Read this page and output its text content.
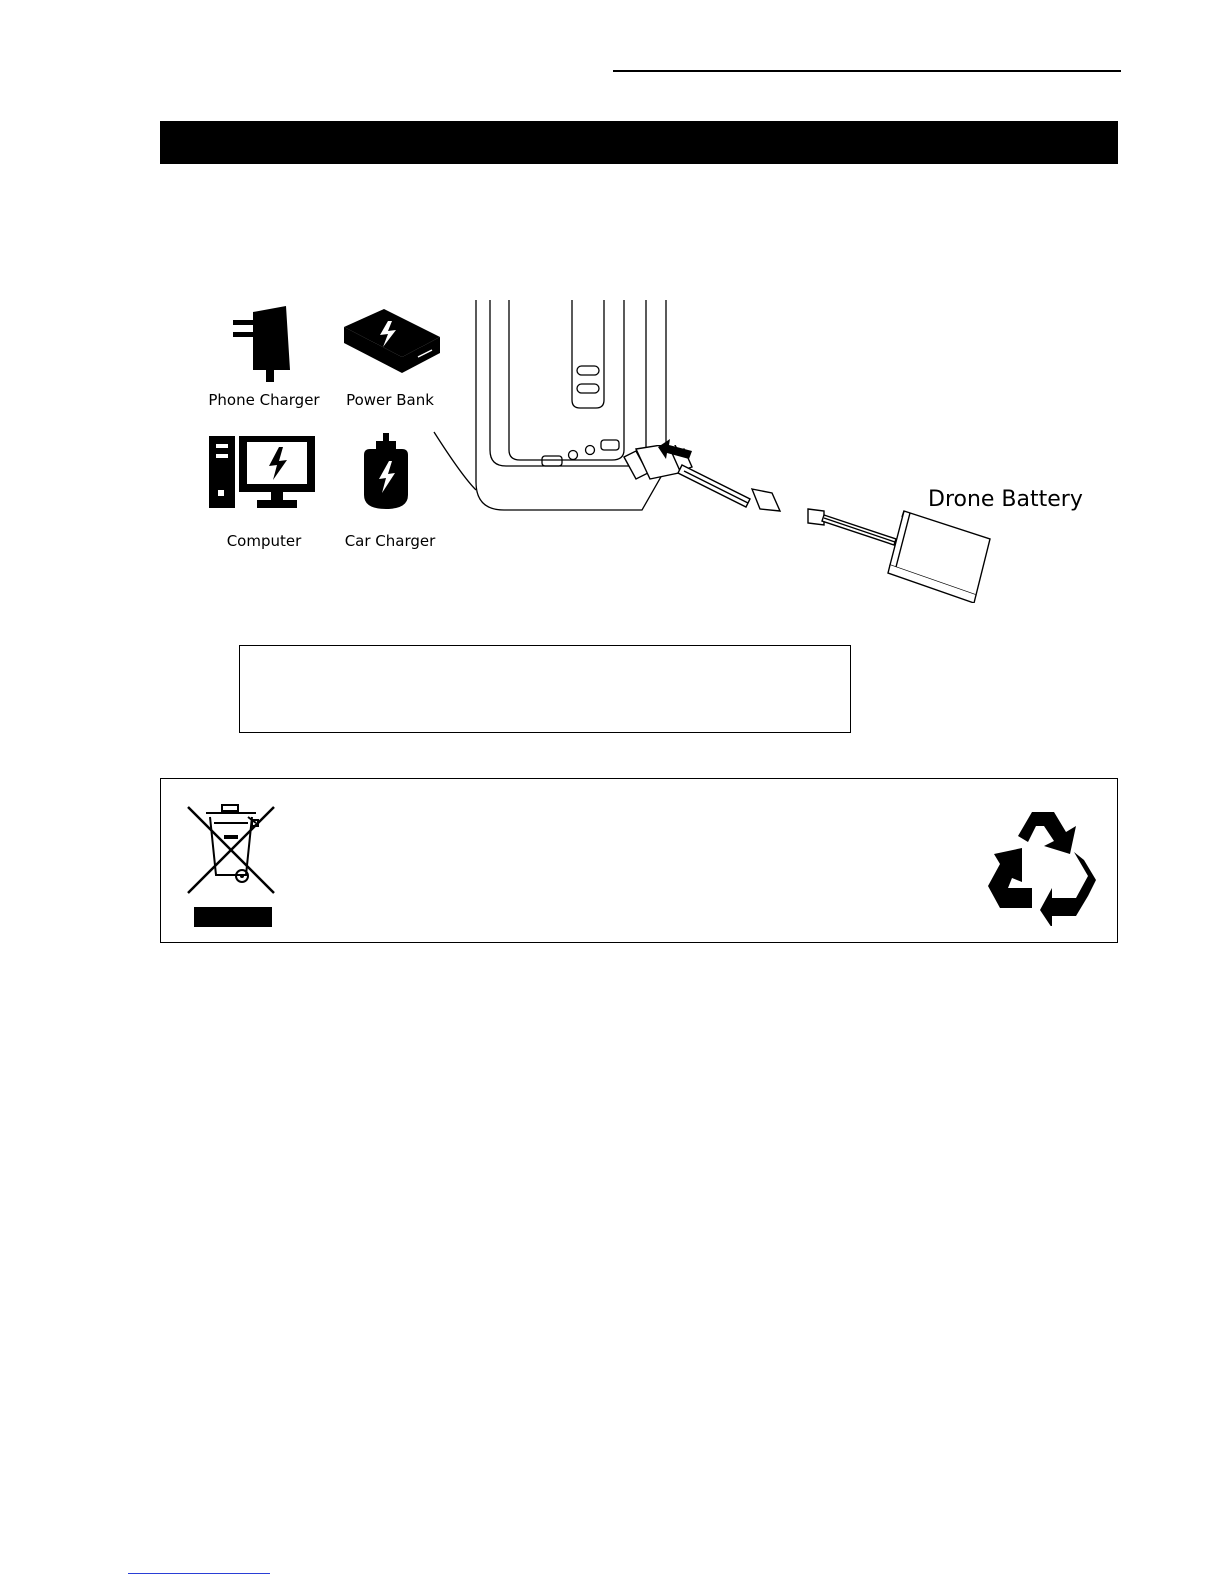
Phone Charger	Power Bank
Computer	Car Charger
Drone Battery
